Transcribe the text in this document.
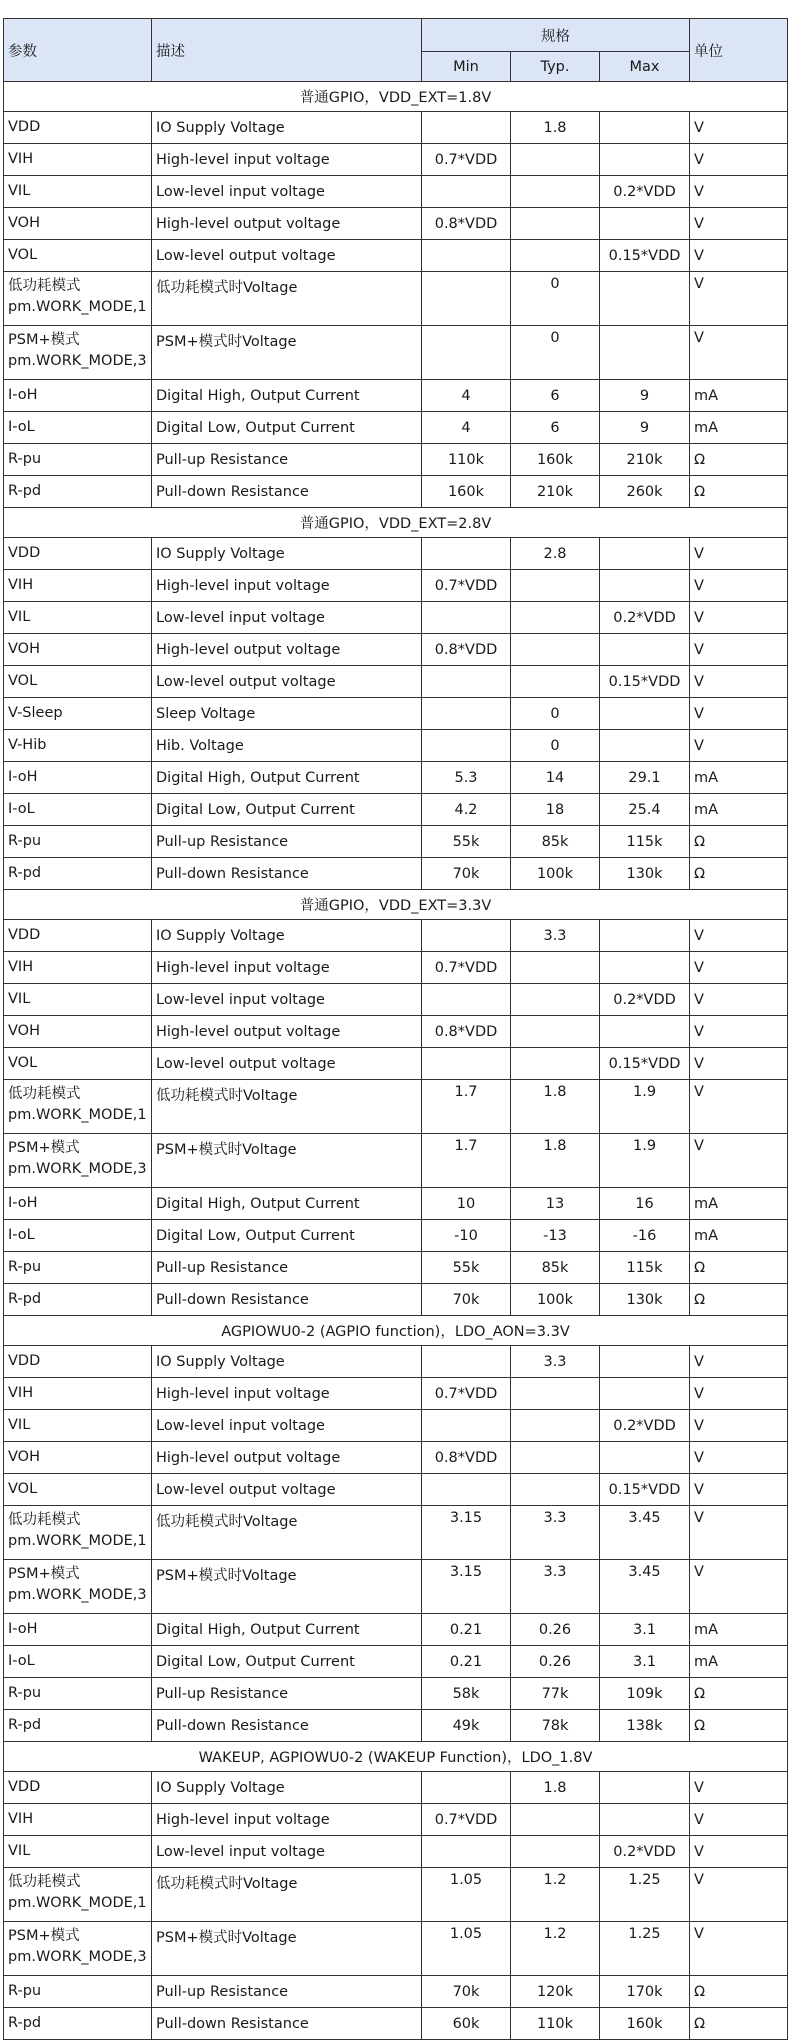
参数	描述	规格			单位
		Min	Typ.	Max	
普通GPIO，VDD_EXT=1.8V					
VDD	IO Supply Voltage		1.8		V
VIH	High-level input voltage	0.7*VDD			V
VIL	Low-level input voltage			0.2*VDD	V
VOH	High-level output voltage	0.8*VDD			V
VOL	Low-level output voltage			0.15*VDD	V
低功耗模式
pm.WORK_MODE,1	低功耗模式时Voltage		0		V
PSM+模式
pm.WORK_MODE,3	PSM+模式时Voltage		0		V
I-oH	Digital High, Output Current	4	6	9	mA
I-oL	Digital Low, Output Current	4	6	9	mA
R-pu	Pull-up Resistance	110k	160k	210k	Ω
R-pd	Pull-down Resistance	160k	210k	260k	Ω
普通GPIO，VDD_EXT=2.8V					
VDD	IO Supply Voltage		2.8		V
VIH	High-level input voltage	0.7*VDD			V
VIL	Low-level input voltage			0.2*VDD	V
VOH	High-level output voltage	0.8*VDD			V
VOL	Low-level output voltage			0.15*VDD	V
V-Sleep	Sleep Voltage		0		V
V-Hib	Hib. Voltage		0		V
I-oH	Digital High, Output Current	5.3	14	29.1	mA
I-oL	Digital Low, Output Current	4.2	18	25.4	mA
R-pu	Pull-up Resistance	55k	85k	115k	Ω
R-pd	Pull-down Resistance	70k	100k	130k	Ω
普通GPIO，VDD_EXT=3.3V					
VDD	IO Supply Voltage		3.3		V
VIH	High-level input voltage	0.7*VDD			V
VIL	Low-level input voltage			0.2*VDD	V
VOH	High-level output voltage	0.8*VDD			V
VOL	Low-level output voltage			0.15*VDD	V
低功耗模式
pm.WORK_MODE,1	低功耗模式时Voltage	1.7	1.8	1.9	V
PSM+模式
pm.WORK_MODE,3	PSM+模式时Voltage	1.7	1.8	1.9	V
I-oH	Digital High, Output Current	10	13	16	mA
I-oL	Digital Low, Output Current	-10	-13	-16	mA
R-pu	Pull-up Resistance	55k	85k	115k	Ω
R-pd	Pull-down Resistance	70k	100k	130k	Ω
AGPIOWU0-2 (AGPIO function)，LDO_AON=3.3V					
VDD	IO Supply Voltage		3.3		V
VIH	High-level input voltage	0.7*VDD			V
VIL	Low-level input voltage			0.2*VDD	V
VOH	High-level output voltage	0.8*VDD			V
VOL	Low-level output voltage			0.15*VDD	V
低功耗模式
pm.WORK_MODE,1	低功耗模式时Voltage	3.15	3.3	3.45	V
PSM+模式
pm.WORK_MODE,3	PSM+模式时Voltage	3.15	3.3	3.45	V
I-oH	Digital High, Output Current	0.21	0.26	3.1	mA
I-oL	Digital Low, Output Current	0.21	0.26	3.1	mA
R-pu	Pull-up Resistance	58k	77k	109k	Ω
R-pd	Pull-down Resistance	49k	78k	138k	Ω
WAKEUP, AGPIOWU0-2 (WAKEUP Function)，LDO_1.8V					
VDD	IO Supply Voltage		1.8		V
VIH	High-level input voltage	0.7*VDD			V
VIL	Low-level input voltage			0.2*VDD	V
低功耗模式
pm.WORK_MODE,1	低功耗模式时Voltage	1.05	1.2	1.25	V
PSM+模式
pm.WORK_MODE,3	PSM+模式时Voltage	1.05	1.2	1.25	V
R-pu	Pull-up Resistance	70k	120k	170k	Ω
R-pd	Pull-down Resistance	60k	110k	160k	Ω
